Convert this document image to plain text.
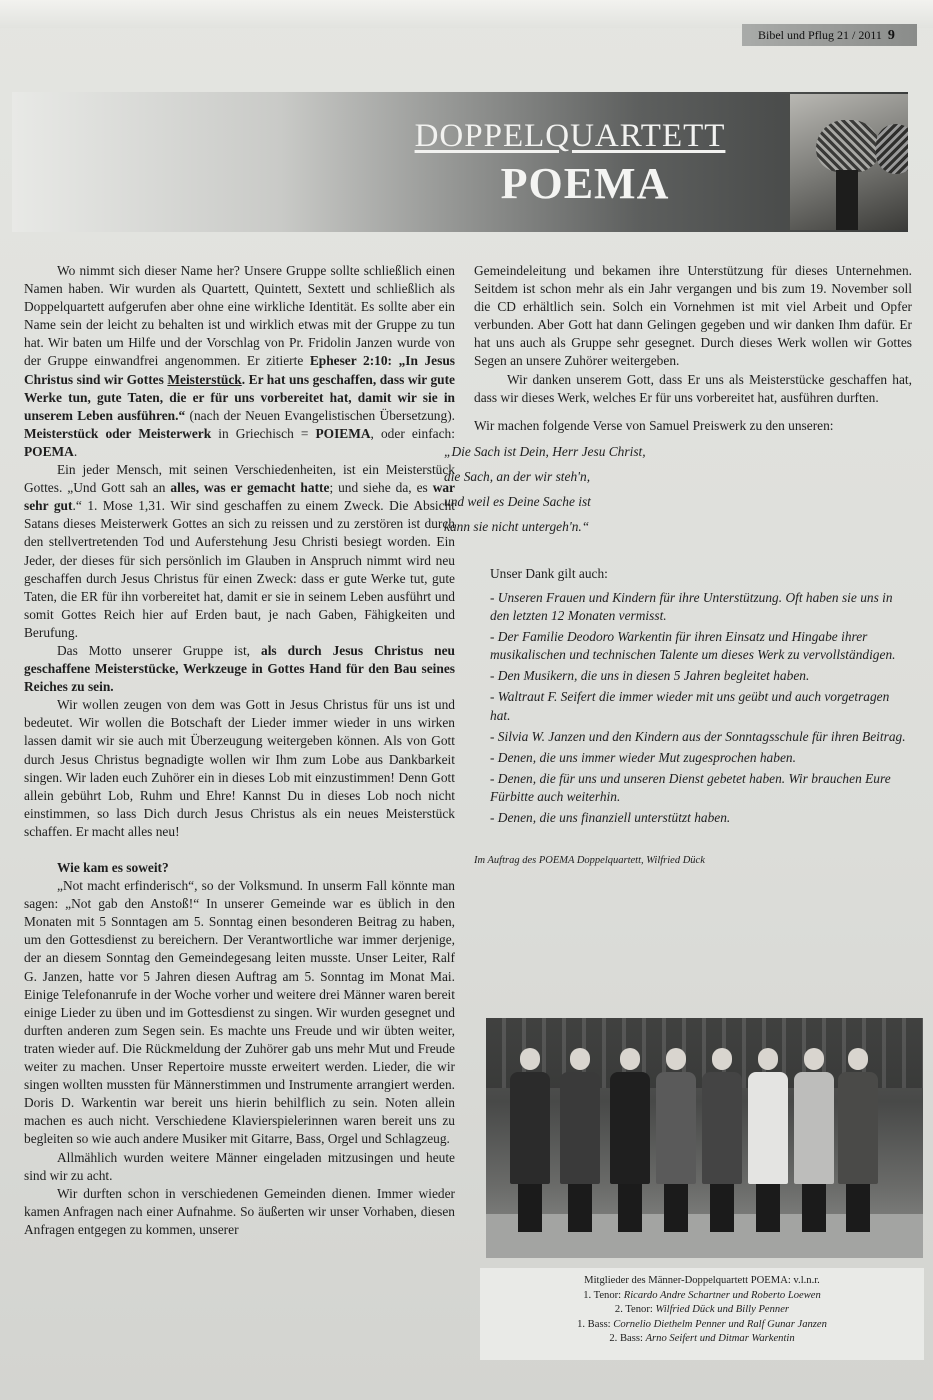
Bibel und Pflug 21 / 2011 9
DOPPELQUARTETT
POEMA

Wo nimmt sich dieser Name her? Unsere Gruppe sollte schließlich einen Namen haben. Wir wurden als Quartett, Quintett, Sextett und schließlich als Doppelquartett aufgerufen aber ohne eine wirkliche Identität. Es sollte aber ein Name sein der leicht zu behalten ist und wirklich etwas mit der Gruppe zu tun hat. Wir baten um Hilfe und der Vorschlag von Pr. Fridolin Janzen wurde von der Gruppe einwandfrei angenommen. Er zitierte Epheser 2:10: „In Jesus Christus sind wir Gottes Meisterstück. Er hat uns geschaffen, dass wir gute Werke tun, gute Taten, die er für uns vorbereitet hat, damit wir sie in unserem Leben ausführen.“ (nach der Neuen Evangelistischen Übersetzung). Meisterstück oder Meisterwerk in Griechisch = POIEMA, oder einfach: POEMA.

Ein jeder Mensch, mit seinen Verschiedenheiten, ist ein Meisterstück Gottes. „Und Gott sah an alles, was er gemacht hatte; und siehe da, es war sehr gut.“ 1. Mose 1,31. Wir sind geschaffen zu einem Zweck. Die Absicht Satans dieses Meisterwerk Gottes an sich zu reissen und zu zerstören ist durch den stellvertretenden Tod und Auferstehung Jesu Christi besiegt worden. Ein Jeder, der dieses für sich persönlich im Glauben in Anspruch nimmt wird neu geschaffen durch Jesus Christus für einen Zweck: dass er gute Werke tut, gute Taten, die ER für ihn vorbereitet hat, damit er sie in seinem Leben ausführt und somit Gottes Reich hier auf Erden baut, je nach Gaben, Fähigkeiten und Berufung.

Das Motto unserer Gruppe ist, als durch Jesus Christus neu geschaffene Meisterstücke, Werkzeuge in Gottes Hand für den Bau seines Reiches zu sein.

Wir wollen zeugen von dem was Gott in Jesus Christus für uns ist und bedeutet. Wir wollen die Botschaft der Lieder immer wieder in uns wirken lassen damit wir sie auch mit Überzeugung weitergeben können. Als von Gott durch Jesus Christus begnadigte wollen wir Ihm zum Lobe aus Dankbarkeit singen. Wir laden euch Zuhörer ein in dieses Lob mit einzustimmen! Denn Gott allein gebührt Lob, Ruhm und Ehre! Kannst Du in dieses Lob noch nicht einstimmen, so lass Dich durch Jesus Christus als ein neues Meisterstück schaffen. Er macht alles neu!

Wie kam es soweit?

„Not macht erfinderisch“, so der Volksmund. In unserm Fall könnte man sagen: „Not gab den Anstoß!“ In unserer Gemeinde war es üblich in den Monaten mit 5 Sonntagen am 5. Sonntag einen besonderen Beitrag zu haben, um den Gottesdienst zu bereichern. Der Verantwortliche war immer derjenige, der an diesem Sonntag den Gemeindegesang leiten musste. Unser Leiter, Ralf G. Janzen, hatte vor 5 Jahren diesen Auftrag am 5. Sonntag im Monat Mai. Einige Telefonanrufe in der Woche vorher und weitere drei Männer waren bereit einige Lieder zu üben und im Gottesdienst zu singen. Wir wurden gesegnet und durften anderen zum Segen sein. Es machte uns Freude und wir übten weiter, traten wieder auf. Die Rückmeldung der Zuhörer gab uns mehr Mut und Freude weiter zu machen. Unser Repertoire musste erweitert werden. Lieder, die wir singen wollten mussten für Männerstimmen und Instrumente arrangiert werden. Doris D. Warkentin war bereit uns hierin behilflich zu sein. Noten allein machen es auch nicht. Verschiedene Klavierspielerinnen waren bereit uns zu begleiten so wie auch andere Musiker mit Gitarre, Bass, Orgel und Schlagzeug.

Allmählich wurden weitere Männer eingeladen mitzusingen und heute sind wir zu acht.

Wir durften schon in verschiedenen Gemeinden dienen. Immer wieder kamen Anfragen nach einer Aufnahme. So äußerten wir unser Vorhaben, diesen Anfragen entgegen zu kommen, unserer

Gemeindeleitung und bekamen ihre Unterstützung für dieses Unternehmen. Seitdem ist schon mehr als ein Jahr vergangen und bis zum 19. November soll die CD erhältlich sein. Solch ein Vornehmen ist mit viel Arbeit und Opfer verbunden. Aber Gott hat dann Gelingen gegeben und wir danken Ihm dafür. Er hat uns auch als Gruppe sehr gesegnet. Durch dieses Werk wollen wir Gottes Segen an unsere Zuhörer weitergeben.

Wir danken unserem Gott, dass Er uns als Meisterstücke geschaffen hat, dass wir dieses Werk, welches Er für uns vorbereitet hat, ausführen durften.

Wir machen folgende Verse von Samuel Preiswerk zu den unseren:

„Die Sach ist Dein, Herr Jesu Christ,

die Sach, an der wir steh'n,

und weil es Deine Sache ist

kann sie nicht untergeh'n.“

Unser Dank gilt auch:

- Unseren Frauen und Kindern für ihre Unterstützung. Oft haben sie uns in den letzten 12 Monaten vermisst.

- Der Familie Deodoro Warkentin für ihren Einsatz und Hingabe ihrer musikalischen und technischen Talente um dieses Werk zu vervollständigen.

- Den Musikern, die uns in diesen 5 Jahren begleitet haben.

- Waltraut F. Seifert die immer wieder mit uns geübt und auch vorgetragen hat.

- Silvia W. Janzen und den Kindern aus der Sonntagsschule für ihren Beitrag.

- Denen, die uns immer wieder Mut zugesprochen haben.

- Denen, die für uns und unseren Dienst gebetet haben. Wir brauchen Eure Fürbitte auch weiterhin.

- Denen, die uns finanziell unterstützt haben.

Im Auftrag des POEMA Doppelquartett, Wilfried Dück

Mitglieder des Männer-Doppelquartett POEMA: v.l.n.r.
1. Tenor: Ricardo Andre Schartner und Roberto Loewen
2. Tenor: Wilfried Dück und Billy Penner
1. Bass: Cornelio Diethelm Penner und Ralf Gunar Janzen
2. Bass: Arno Seifert und Ditmar Warkentin
